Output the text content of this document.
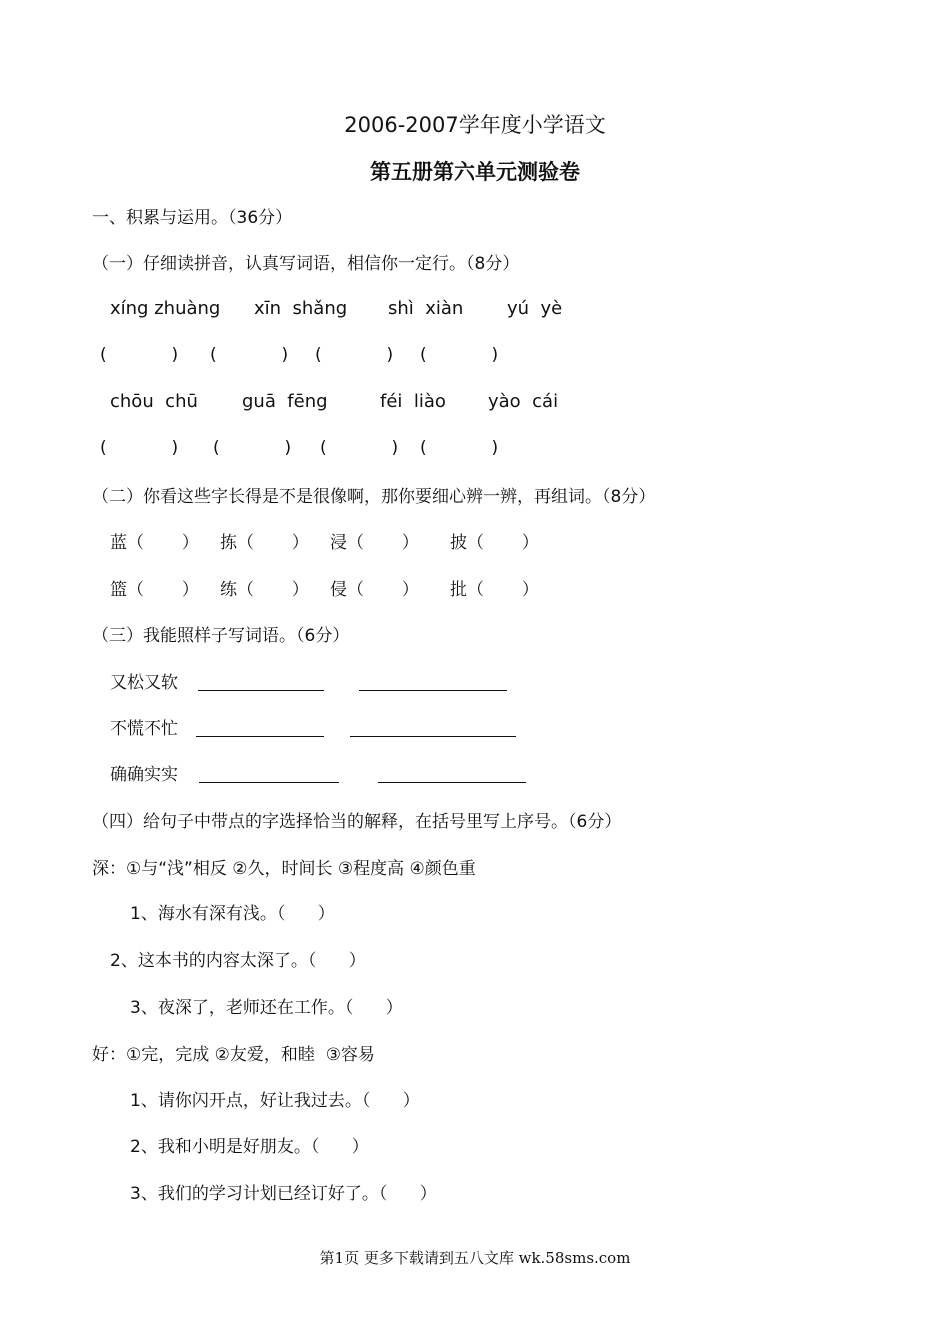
2006-2007学年度小学语文
第五册第六单元测验卷
一、积累与运用。（36分）
（一）仔细读拼音，认真写词语，相信你一定行。（8分）
xíng zhuàng xīn  shǎng shì  xiàn yú  yè
(            ) (            ) (            ) (            )
chōu  chū guā  fēng	féi  liào yào  cái
(            ) (            ) (            ) (            )
（二）你看这些字长得是不是很像啊，那你要细心辨一辨，再组词。（8分）
蓝（       ） 拣（       ） 浸（       ） 披（       ）
篮（       ） 练（       ） 侵（       ） 批（       ）
（三）我能照样子写词语。（6分）
又松又软
不慌不忙
确确实实
（四）给句子中带点的字选择恰当的解释，在括号里写上序号。（6分）
深：①与“浅”相反 ②久，时间长 ③程度高 ④颜色重
1、海水有深有浅。（      ）
2、这本书的内容太深了。（      ）
3、夜深了，老师还在工作。（      ）
好：①完，完成 ②友爱，和睦  ③容易
1、请你闪开点，好让我过去。（      ）
2、我和小明是好朋友。（      ）
3、我们的学习计划已经订好了。（      ）
第1页 更多下载请到五八文库 wk.58sms.com
